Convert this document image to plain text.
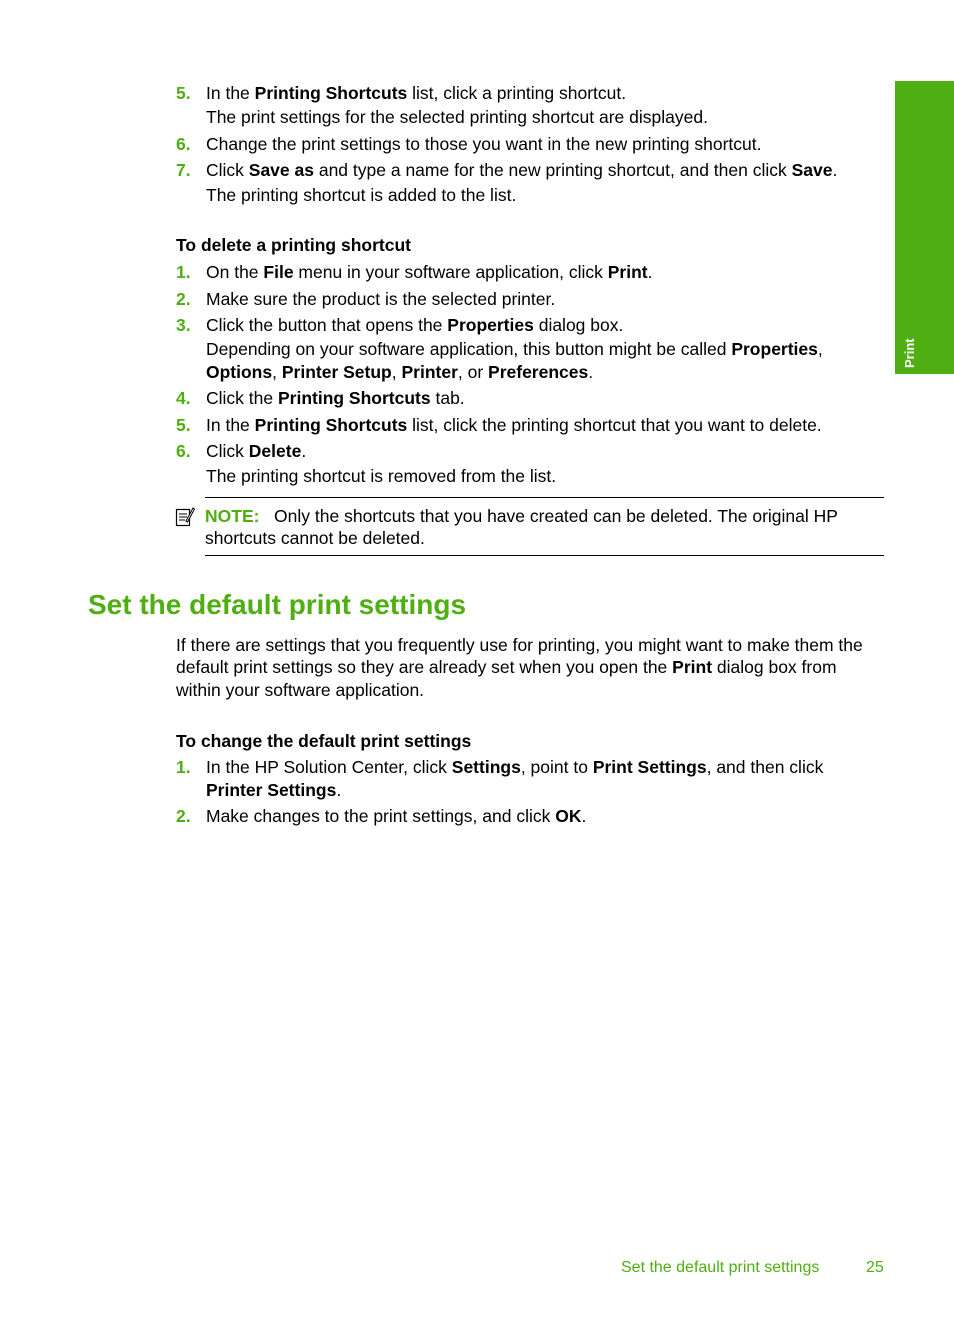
Print
5. In the Printing Shortcuts list, click a printing shortcut.
The print settings for the selected printing shortcut are displayed.
6. Change the print settings to those you want in the new printing shortcut.
7. Click Save as and type a name for the new printing shortcut, and then click Save.
The printing shortcut is added to the list.
To delete a printing shortcut
1. On the File menu in your software application, click Print.
2. Make sure the product is the selected printer.
3. Click the button that opens the Properties dialog box.
Depending on your software application, this button might be called Properties,
Options, Printer Setup, Printer, or Preferences.
4. Click the Printing Shortcuts tab.
5. In the Printing Shortcuts list, click the printing shortcut that you want to delete.
6. Click Delete.
The printing shortcut is removed from the list.
NOTE: Only the shortcuts that you have created can be deleted. The original HP
shortcuts cannot be deleted.
Set the default print settings
If there are settings that you frequently use for printing, you might want to make them the
default print settings so they are already set when you open the Print dialog box from
within your software application.
To change the default print settings
1. In the HP Solution Center, click Settings, point to Print Settings, and then click
Printer Settings.
2. Make changes to the print settings, and click OK.
Set the default print settings	25
